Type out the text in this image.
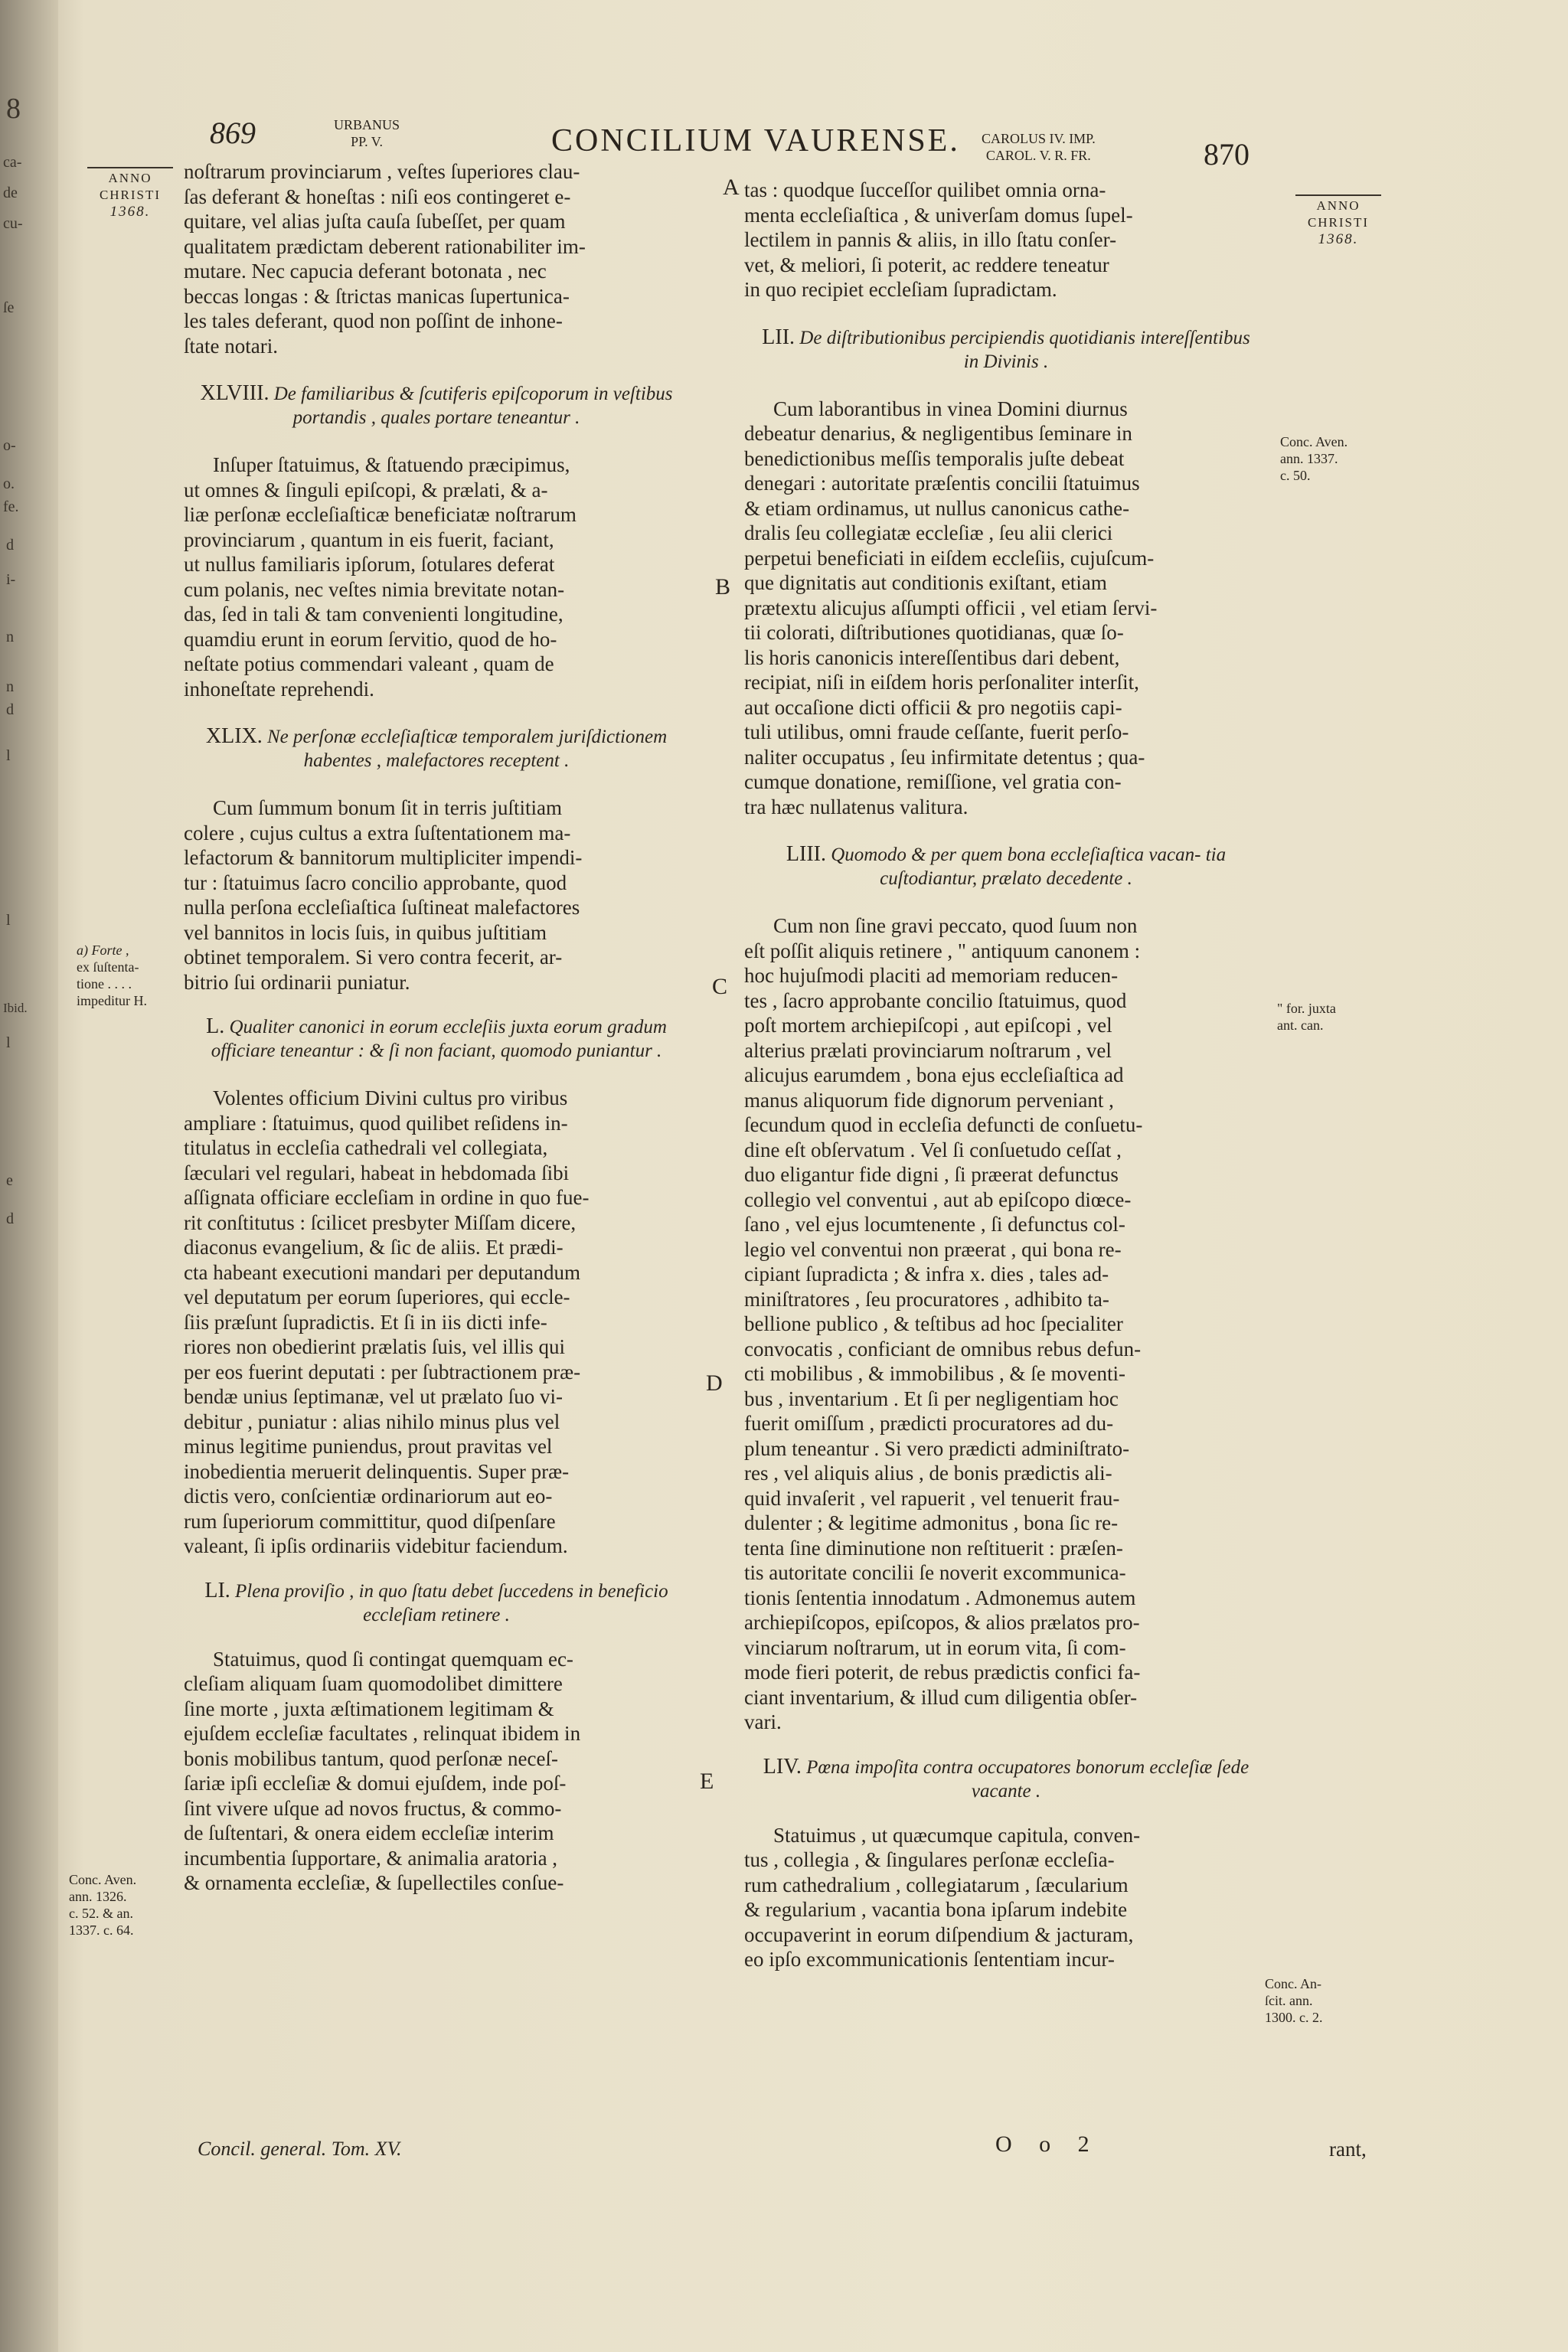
8
ca-
de
cu-
ſe
o-
o.
fe.
d
i-
n
n
d
l
l
Ibid.
l
e
d
869	URBANUS
PP. V.	CONCILIUM VAURENSE. CAROLUS IV. IMP.
CAROL. V. R. FR.	870
ANNO
CHRISTI
1368.	ANNO
CHRISTI
1368.

noſtrarum provinciarum , veſtes ſuperiores clau-

ſas deferant & honeſtas : niſi eos contingeret e-

quitare, vel alias juſta cauſa ſubeſſet, per quam

qualitatem prædictam deberent rationabiliter im-

mutare. Nec capucia deferant botonata , nec

beccas longas : & ſtrictas manicas ſupertunica-

les tales deferant, quod non poſſint de inhone-

ſtate notari.

XLVIII. De familiaribus & ſcutiferis epiſcoporum in veſtibus portandis , quales portare teneantur .

Inſuper ſtatuimus, & ſtatuendo præcipimus,

ut omnes & ſinguli epiſcopi, & prælati, & a-

liæ perſonæ eccleſiaſticæ beneficiatæ noſtrarum

provinciarum , quantum in eis fuerit, faciant,

ut nullus familiaris ipſorum, ſotulares deferat

cum polanis, nec veſtes nimia brevitate notan-

das, ſed in tali & tam convenienti longitudine,

quamdiu erunt in eorum ſervitio, quod de ho-

neſtate potius commendari valeant , quam de

inhoneſtate reprehendi.

XLIX. Ne perſonæ eccleſiaſticæ temporalem juriſdictionem habentes , malefactores receptent .

Cum ſummum bonum ſit in terris juſtitiam

colere , cujus cultus a extra ſuſtentationem ma-

lefactorum & bannitorum multipliciter impendi-

tur : ſtatuimus ſacro concilio approbante, quod

nulla perſona eccleſiaſtica ſuſtineat malefactores

vel bannitos in locis ſuis, in quibus juſtitiam

obtinet temporalem. Si vero contra fecerit, ar-

bitrio ſui ordinarii puniatur.

L. Qualiter canonici in eorum eccleſiis juxta eorum gradum officiare teneantur : & ſi non faciant, quomodo puniantur .

Volentes officium Divini cultus pro viribus

ampliare : ſtatuimus, quod quilibet reſidens in-

titulatus in eccleſia cathedrali vel collegiata,

ſæculari vel regulari, habeat in hebdomada ſibi

aſſignata officiare eccleſiam in ordine in quo fue-

rit conſtitutus : ſcilicet presbyter Miſſam dicere,

diaconus evangelium, & ſic de aliis. Et prædi-

cta habeant executioni mandari per deputandum

vel deputatum per eorum ſuperiores, qui eccle-

ſiis præſunt ſupradictis. Et ſi in iis dicti infe-

riores non obedierint prælatis ſuis, vel illis qui

per eos fuerint deputati : per ſubtractionem præ-

bendæ unius ſeptimanæ, vel ut prælato ſuo vi-

debitur , puniatur : alias nihilo minus plus vel

minus legitime puniendus, prout pravitas vel

inobedientia meruerit delinquentis. Super præ-

dictis vero, conſcientiæ ordinariorum aut eo-

rum ſuperiorum committitur, quod diſpenſare

valeant, ſi ipſis ordinariis videbitur faciendum.

LI. Plena proviſio , in quo ſtatu debet ſuccedens in beneficio eccleſiam retinere .

Statuimus, quod ſi contingat quemquam ec-

cleſiam aliquam ſuam quomodolibet dimittere

ſine morte , juxta æſtimationem legitimam &

ejuſdem eccleſiæ facultates , relinquat ibidem in

bonis mobilibus tantum, quod perſonæ neceſ-

ſariæ ipſi eccleſiæ & domui ejuſdem, inde poſ-

ſint vivere uſque ad novos fructus, & commo-

de ſuſtentari, & onera eidem eccleſiæ interim

incumbentia ſupportare, & animalia aratoria ,

& ornamenta eccleſiæ, & ſupellectiles conſue-

A
B
C
D
E

tas : quodque ſucceſſor quilibet omnia orna-

menta eccleſiaſtica , & univerſam domus ſupel-

lectilem in pannis & aliis, in illo ſtatu conſer-

vet, & meliori, ſi poterit, ac reddere teneatur

in quo recipiet eccleſiam ſupradictam.

LII. De diſtributionibus percipiendis quotidianis intereſſentibus in Divinis .

Cum laborantibus in vinea Domini diurnus

debeatur denarius, & negligentibus ſeminare in

benedictionibus meſſis temporalis juſte debeat

denegari : autoritate præſentis concilii ſtatuimus

& etiam ordinamus, ut nullus canonicus cathe-

dralis ſeu collegiatæ eccleſiæ , ſeu alii clerici

perpetui beneficiati in eiſdem eccleſiis, cujuſcum-

que dignitatis aut conditionis exiſtant, etiam

prætextu alicujus aſſumpti officii , vel etiam ſervi-

tii colorati, diſtributiones quotidianas, quæ ſo-

lis horis canonicis intereſſentibus dari debent,

recipiat, niſi in eiſdem horis perſonaliter interſit,

aut occaſione dicti officii & pro negotiis capi-

tuli utilibus, omni fraude ceſſante, fuerit perſo-

naliter occupatus , ſeu infirmitate detentus ; qua-

cumque donatione, remiſſione, vel gratia con-

tra hæc nullatenus valitura.

LIII. Quomodo & per quem bona eccleſiaſtica vacan- tia cuſtodiantur, prælato decedente .

Cum non ſine gravi peccato, quod ſuum non

eſt poſſit aliquis retinere , " antiquum canonem :

hoc hujuſmodi placiti ad memoriam reducen-

tes , ſacro approbante concilio ſtatuimus, quod

poſt mortem archiepiſcopi , aut epiſcopi , vel

alterius prælati provinciarum noſtrarum , vel

alicujus earumdem , bona ejus eccleſiaſtica ad

manus aliquorum fide dignorum perveniant ,

ſecundum quod in eccleſia defuncti de conſuetu-

dine eſt obſervatum . Vel ſi conſuetudo ceſſat ,

duo eligantur fide digni , ſi præerat defunctus

collegio vel conventui , aut ab epiſcopo diœce-

ſano , vel ejus locumtenente , ſi defunctus col-

legio vel conventui non præerat , qui bona re-

cipiant ſupradicta ; & infra x. dies , tales ad-

miniſtratores , ſeu procuratores , adhibito ta-

bellione publico , & teſtibus ad hoc ſpecialiter

convocatis , conficiant de omnibus rebus defun-

cti mobilibus , & immobilibus , & ſe moventi-

bus , inventarium . Et ſi per negligentiam hoc

fuerit omiſſum , prædicti procuratores ad du-

plum teneantur . Si vero prædicti adminiſtrato-

res , vel aliquis alius , de bonis prædictis ali-

quid invaſerit , vel rapuerit , vel tenuerit frau-

dulenter ; & legitime admonitus , bona ſic re-

tenta ſine diminutione non reſtituerit : præſen-

tis autoritate concilii ſe noverit excommunica-

tionis ſententia innodatum . Admonemus autem

archiepiſcopos, epiſcopos, & alios prælatos pro-

vinciarum noſtrarum, ut in eorum vita, ſi com-

mode fieri poterit, de rebus prædictis confici fa-

ciant inventarium, & illud cum diligentia obſer-

vari.

LIV. Pœna impoſita contra occupatores bonorum eccleſiæ ſede vacante .

Statuimus , ut quæcumque capitula, conven-

tus , collegia , & ſingulares perſonæ eccleſia-

rum cathedralium , collegiatarum , ſæcularium

& regularium , vacantia bona ipſarum indebite

occupaverint in eorum diſpendium & jacturam,

eo ipſo excommunicationis ſententiam incur-

a) Forte ,
ex ſuſtenta-
tione . . . .
impeditur H.
Conc. Aven.
ann. 1326.
c. 52. & an.
1337. c. 64.
Conc. Aven.
ann. 1337.
c. 50.
" for. juxta
ant. can.
Conc. An-
ſcit. ann.
1300. c. 2.
Concil. general. Tom. XV.	O o 2	rant,
